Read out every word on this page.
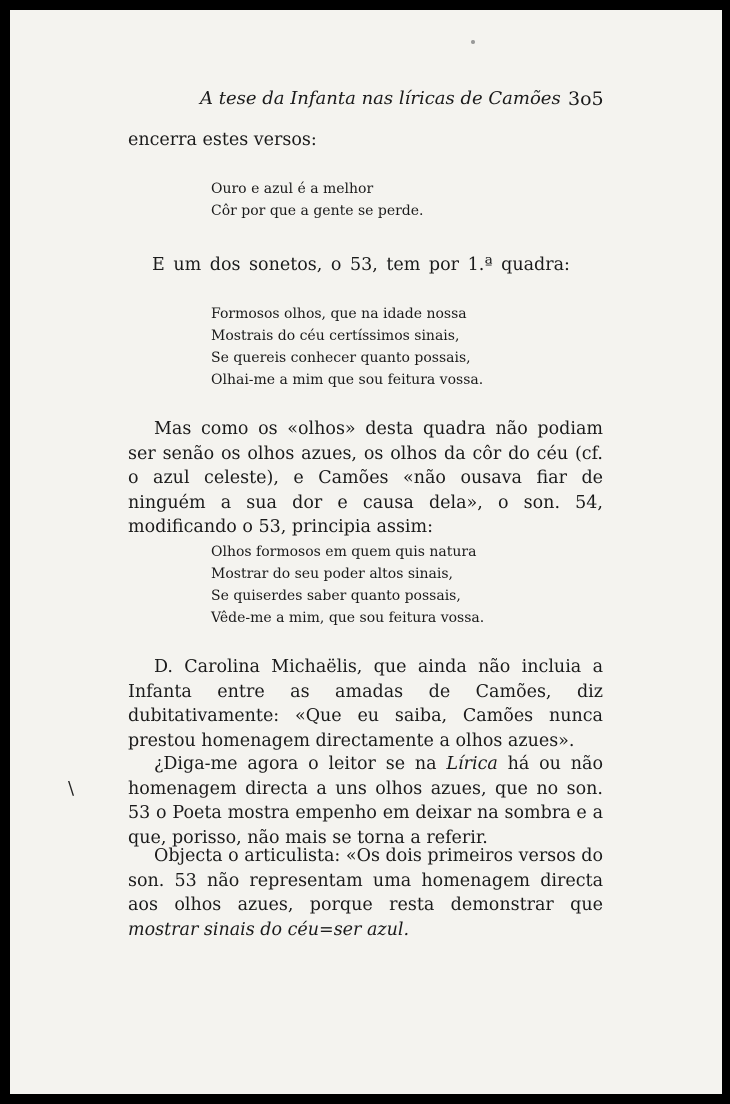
A tese da Infanta nas líricas de Camões 3o5
encerra estes versos:
Ouro e azul é a melhor
Côr por que a gente se perde.
E um dos sonetos, o 53, tem por 1.ª quadra:
Formosos olhos, que na idade nossa
Mostrais do céu certíssimos sinais,
Se quereis conhecer quanto possais,
Olhai-me a mim que sou feitura vossa.
Mas como os «olhos» desta quadra não podiam ser senão os olhos azues, os olhos da côr do céu (cf. o azul celeste), e Camões «não ousava fiar de ninguém a sua dor e causa dela», o son. 54, modificando o 53, principia assim:
Olhos formosos em quem quis natura
Mostrar do seu poder altos sinais,
Se quiserdes saber quanto possais,
Vêde-me a mim, que sou feitura vossa.
D. Carolina Michaëlis, que ainda não incluia a Infanta entre as amadas de Camões, diz dubitativamente: «Que eu saiba, Camões nunca prestou homenagem directamente a olhos azues».
¿Diga-me agora o leitor se na Lírica há ou não homenagem directa a uns olhos azues, que no son. 53 o Poeta mostra empenho em deixar na sombra e a que, porisso, não mais se torna a referir.
Objecta o articulista: «Os dois primeiros versos do son. 53 não representam uma homenagem directa aos olhos azues, porque resta demonstrar que mostrar sinais do céu=ser azul.
\
